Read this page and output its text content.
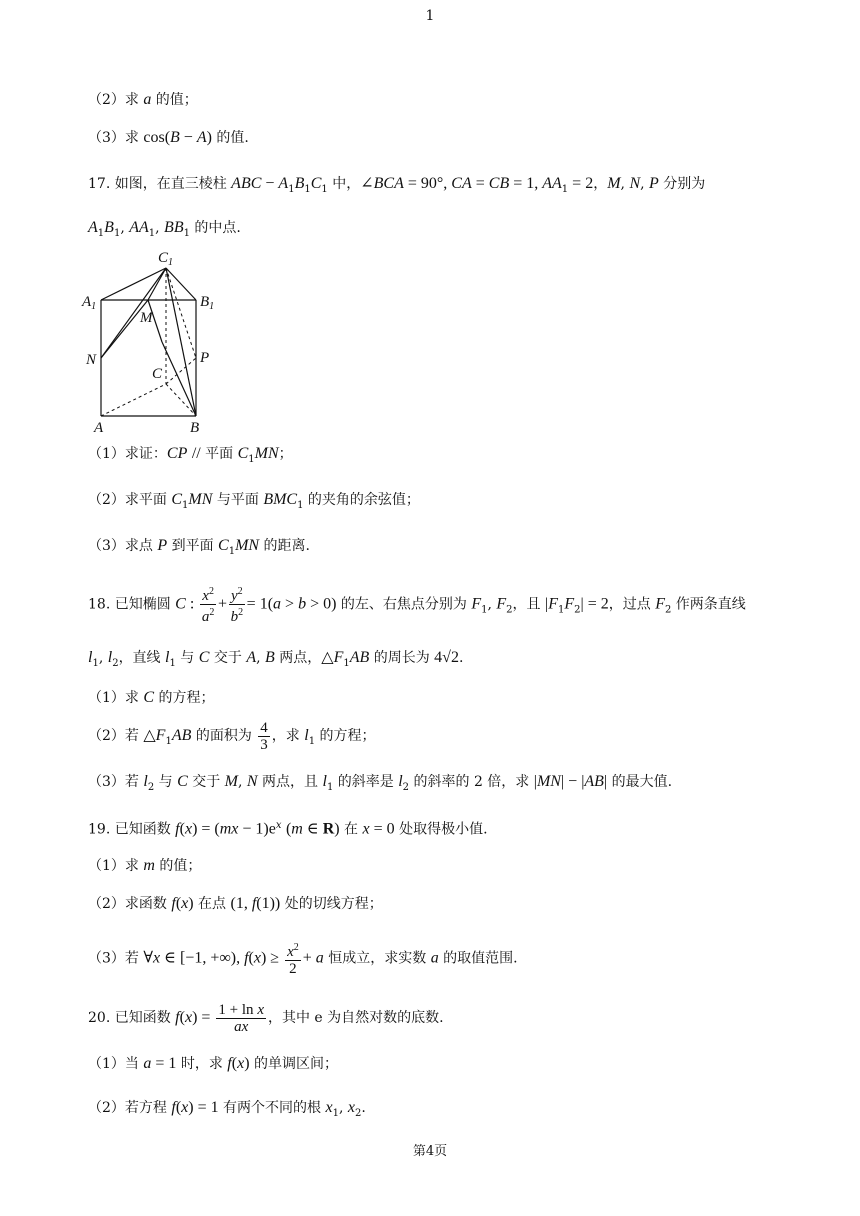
1
（2）求 a 的值；
（3）求 cos(B − A) 的值.
17. 如图，在直三棱柱 ABC − $A_1B_1C_1$ 中，∠BCA = 90°, CA = CB = 1, $AA_1 = 2$，M, N, P 分别为
$A_1B_1$, $AA_1$, $BB_1$ 的中点.
$C_1$
$A_1$	$B_1$
M
N	P
C
A	B
（1）求证：CP // 平面 $C_1MN$；
（2）求平面 $C_1MN$ 与平面 $BMC_1$ 的夹角的余弦值；
（3）求点 P 到平面 $C_1MN$ 的距离.
18. 已知椭圆 C : $\frac{x^2}{a^2} + \frac{y^2}{b^2} = 1(a > b > 0)$ 的左、右焦点分别为 $F_1$, $F_2$，且 $|F_1F_2| = 2$，过点 $F_2$ 作两条直线
$l_1$, $l_2$，直线 $l_1$ 与 C 交于 A, B 两点，$\triangle F_1AB$ 的周长为 4√2.
（1）求 C 的方程；
（2）若 $\triangle F_1AB$ 的面积为 $\frac{4}{3}$ ，求 $l_1$ 的方程；
（3）若 $l_2$ 与 C 交于 M, N 两点，且 $l_1$ 的斜率是 $l_2$ 的斜率的 2 倍，求 |MN| − |AB| 的最大值.
19. 已知函数 $f(x) = (mx - 1)e^x$ (m ∈ R) 在 x = 0 处取得极小值.
（1）求 m 的值；
（2）求函数 f(x) 在点 (1, f(1)) 处的切线方程；
（3）若 ∀x ∈ [−1, +∞), $f(x) \ge \frac{x^2}{2} + a$ 恒成立，求实数 a 的取值范围.
20. 已知函数 $f(x) = \frac{\text{1 + ln x}}{ax}$ ，其中 e 为自然对数的底数.
（1）当 a = 1 时，求 f(x) 的单调区间；
（2）若方程 f(x) = 1 有两个不同的根 $x_1$, $x_2$.
第4页
